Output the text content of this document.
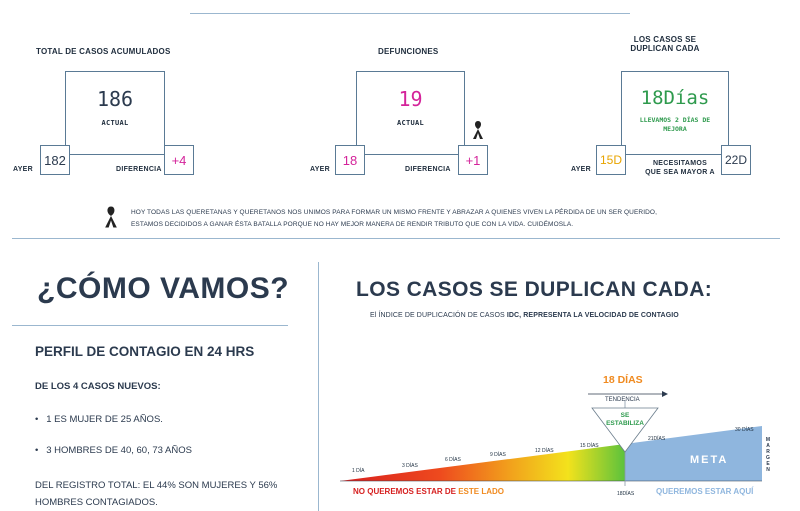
TOTAL DE CASOS ACUMULADOS
186
ACTUAL
AYER
182
DIFERENCIA
+4
DEFUNCIONES
19
ACTUAL
AYER
18
DIFERENCIA
+1
LOS CASOS SE
DUPLICAN CADA
18Días
LLEVAMOS 2 DÍAS DE
MEJORA
AYER
15D	NECESITAMOS
QUE SEA MAYOR A
22D
HOY TODAS LAS QUERETANAS Y QUERETANOS NOS UNIMOS PARA FORMAR UN MISMO FRENTE Y ABRAZAR A QUIENES VIVEN LA PÉRDIDA DE UN SER QUERIDO,
ESTAMOS DECIDIDOS A GANAR ÉSTA BATALLA PORQUE NO HAY MEJOR MANERA DE RENDIR TRIBUTO QUE CON LA VIDA. CUIDÉMOSLA.
¿CÓMO VAMOS?
PERFIL DE CONTAGIO EN 24 HRS
DE LOS 4 CASOS NUEVOS:
•   1 ES MUJER DE 25 AÑOS.
•   3 HOMBRES DE 40, 60, 73 AÑOS
DEL REGISTRO TOTAL: EL 44% SON MUJERES Y 56%
HOMBRES CONTAGIADOS.
LOS CASOS SE DUPLICAN CADA:
El ÍNDICE DE DUPLICACIÓN DE CASOS IDC, REPRESENTA LA VELOCIDAD DE CONTAGIO
1 DÍA
3 DÍAS
6 DÍAS
9 DÍAS
12 DÍAS
15 DÍAS
21DÍAS
30 DÍAS
18 DÍAS
TENDENCIA
SE
ESTABILIZA
META
M
A
R
G
E
N
18DÍAS
NO QUEREMOS ESTAR DE ESTE LADO	QUEREMOS ESTAR AQUÍ
